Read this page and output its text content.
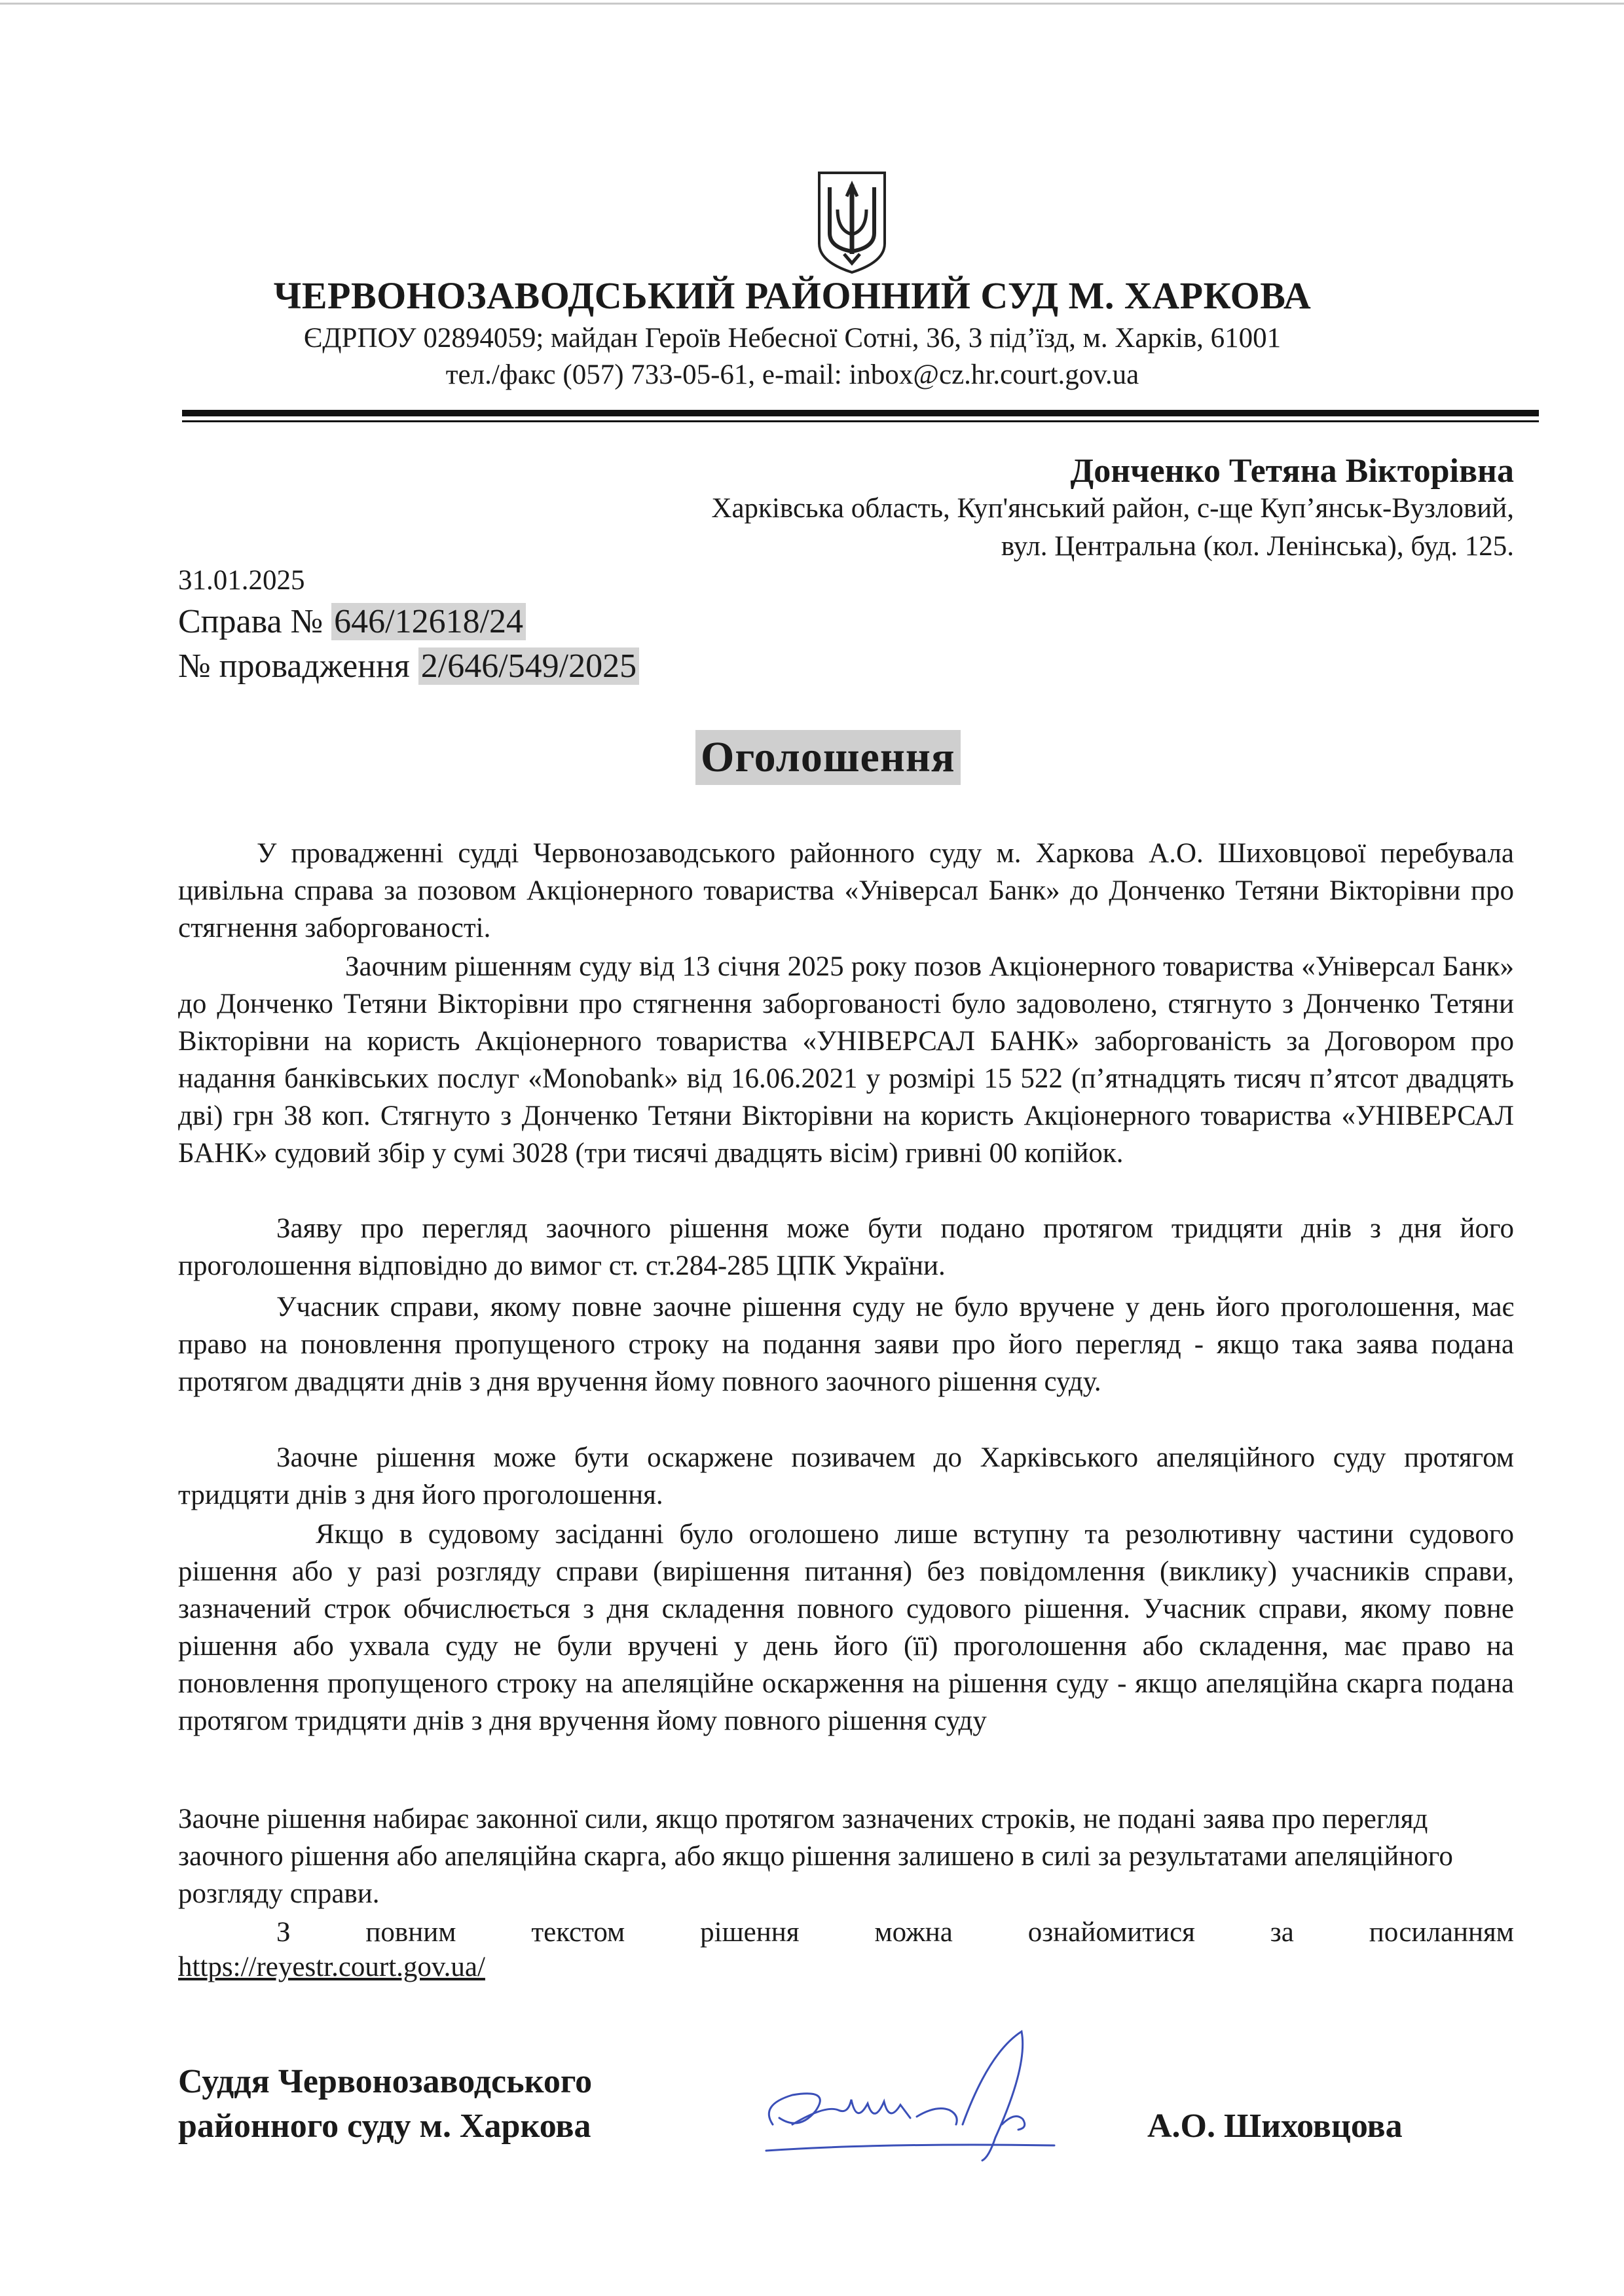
ЧЕРВОНОЗАВОДСЬКИЙ РАЙОННИЙ СУД М. ХАРКОВА
ЄДРПОУ 02894059; майдан Героїв Небесної Сотні, 36, 3 під’їзд, м. Харків, 61001
тел./факс (057) 733-05-61, e-mail: inbox@cz.hr.court.gov.ua
Донченко Тетяна Вікторівна
Харківська область, Куп'янський район, с-ще Куп’янськ-Вузловий,
вул. Центральна (кол. Ленінська), буд. 125.
31.01.2025
Справа № 646/12618/24
№ провадження 2/646/549/2025
Оголошення

У провадженні судді Червонозаводського районного суду м. Харкова А.О. Шиховцової перебувала цивільна справа за позовом Акціонерного товариства «Універсал Банк» до Донченко Тетяни Вікторівни про стягнення заборгованості.

Заочним рішенням суду від 13 січня 2025 року позов Акціонерного товариства «Універсал Банк» до Донченко Тетяни Вікторівни про стягнення заборгованості було задоволено, стягнуто з Донченко Тетяни Вікторівни на користь Акціонерного товариства «УНІВЕРСАЛ БАНК» заборгованість за Договором про надання банківських послуг «Monobank» від 16.06.2021 у розмірі 15 522 (п’ятнадцять тисяч п’ятсот двадцять дві) грн 38 коп. Стягнуто з Донченко Тетяни Вікторівни на користь Акціонерного товариства «УНІВЕРСАЛ БАНК» судовий збір у сумі 3028 (три тисячі двадцять вісім) гривні 00 копійок.

Заяву про перегляд заочного рішення може бути подано протягом тридцяти днів з дня його проголошення відповідно до вимог ст. ст.284-285 ЦПК України.

Учасник справи, якому повне заочне рішення суду не було вручене у день його проголошення, має право на поновлення пропущеного строку на подання заяви про його перегляд - якщо така заява подана протягом двадцяти днів з дня вручення йому повного заочного рішення суду.

Заочне рішення може бути оскаржене позивачем до Харківського апеляційного суду протягом тридцяти днів з дня його проголошення.

Якщо в судовому засіданні було оголошено лише вступну та резолютивну частини судового рішення або у разі розгляду справи (вирішення питання) без повідомлення (виклику) учасників справи, зазначений строк обчислюється з дня складення повного судового рішення. Учасник справи, якому повне рішення або ухвала суду не були вручені у день його (її) проголошення або складення, має право на поновлення пропущеного строку на апеляційне оскарження на рішення суду - якщо апеляційна скарга подана протягом тридцяти днів з дня вручення йому повного рішення суду

Заочне рішення набирає законної сили, якщо протягом зазначених строків, не подані заява про перегляд заочного рішення або апеляційна скарга, або якщо рішення залишено в силі за результатами апеляційного розгляду справи.

З повним текстом рішення можна ознайомитися за посиланням

https://reyestr.court.gov.ua/
Суддя Червонозаводського
районного суду м. Харкова	А.О. Шиховцова
